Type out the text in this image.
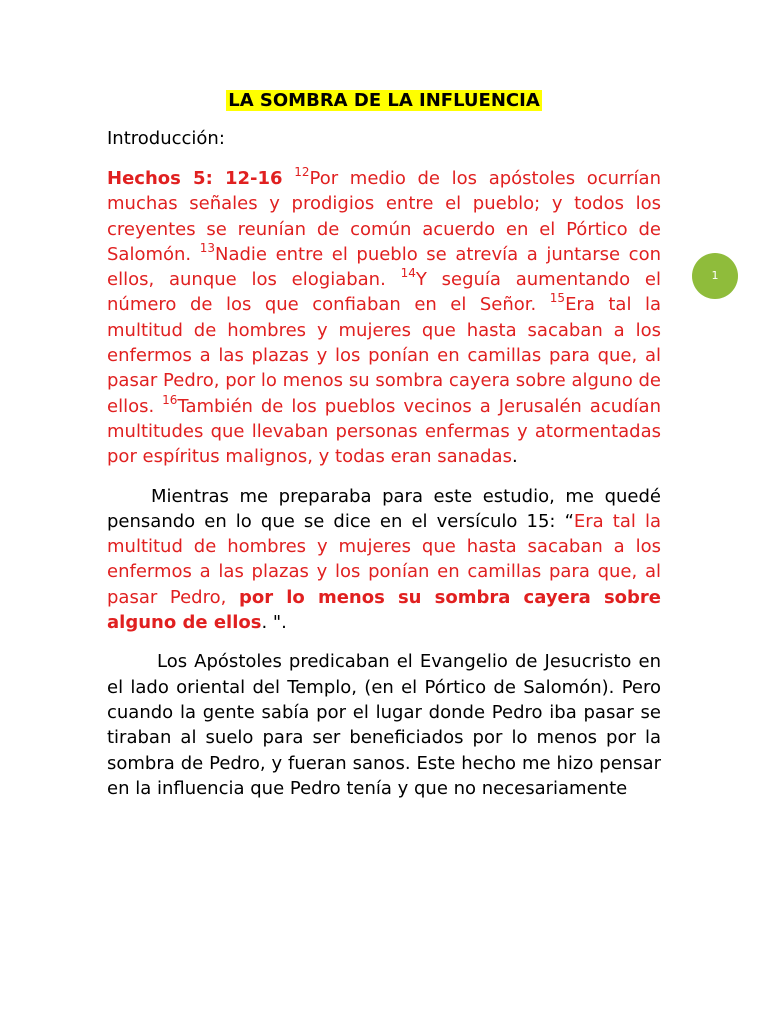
LA SOMBRA DE LA INFLUENCIA
Introducción:

Hechos 5: 12-16 $^{12}$Por medio de los apóstoles ocurrían muchas señales y prodigios entre el pueblo; y todos los creyentes se reunían de común acuerdo en el Pórtico de Salomón. $^{13}$Nadie entre el pueblo se atrevía a juntarse con ellos, aunque los elogiaban. $^{14}$Y seguía aumentando el número de los que confiaban en el Señor. $^{15}$Era tal la multitud de hombres y mujeres que hasta sacaban a los enfermos a las plazas y los ponían en camillas para que, al pasar Pedro, por lo menos su sombra cayera sobre alguno de ellos. $^{16}$También de los pueblos vecinos a Jerusalén acudían multitudes que llevaban personas enfermas y atormentadas por espíritus malignos, y todas eran sanadas.

Mientras me preparaba para este estudio, me quedé pensando en lo que se dice en el versículo 15: “Era tal la multitud de hombres y mujeres que hasta sacaban a los enfermos a las plazas y los ponían en camillas para que, al pasar Pedro, por lo menos su sombra cayera sobre alguno de ellos. ".

Los Apóstoles predicaban el Evangelio de Jesucristo en el lado oriental del Templo, (en el Pórtico de Salomón). Pero cuando la gente sabía por el lugar donde Pedro iba pasar se tiraban al suelo para ser beneficiados por lo menos por la sombra de Pedro, y fueran sanos. Este hecho me hizo pensar en la influencia que Pedro tenía y que no necesariamente

1
